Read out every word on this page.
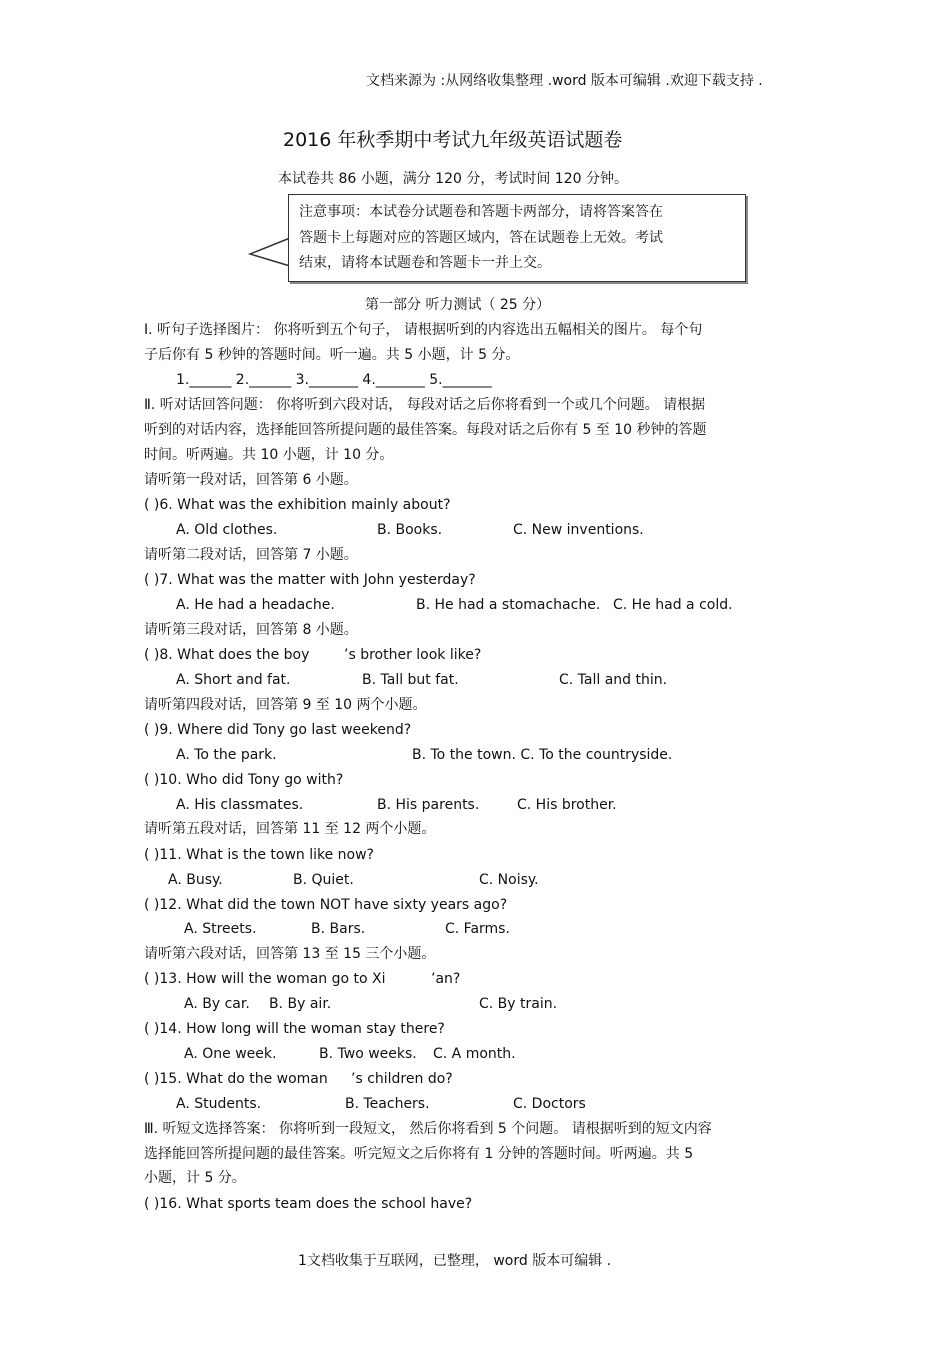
文档来源为 :从网络收集整理 .word 版本可编辑 .欢迎下载支持 .
2016 年秋季期中考试九年级英语试题卷
本试卷共 86 小题，满分 120 分，考试时间 120 分钟。
注意事项：本试卷分试题卷和答题卡两部分，请将答案答在
答题卡上每题对应的答题区域内，答在试题卷上无效。考试
结束，请将本试题卷和答题卡一并上交。
第一部分 听力测试（ 25 分）
Ⅰ. 听句子选择图片： 你将听到五个句子， 请根据听到的内容选出五幅相关的图片。 每个句
子后你有 5 秒钟的答题时间。听一遍。共 5 小题，计 5 分。
1.______ 2.______ 3._______ 4._______ 5._______
Ⅱ. 听对话回答问题： 你将听到六段对话， 每段对话之后你将看到一个或几个问题。 请根据
听到的对话内容，选择能回答所提问题的最佳答案。每段对话之后你有 5 至 10 秒钟的答题
时间。听两遍。共 10 小题，计 10 分。
请听第一段对话，回答第 6 小题。
( )6. What was the exhibition mainly about?
A. Old clothes.	B. Books.	C. New inventions.
请听第二段对话，回答第 7 小题。
( )7. What was the matter with John yesterday?
A. He had a headache.	B. He had a stomachache. C. He had a cold.
请听第三段对话，回答第 8 小题。
( )8. What does the boy ’s brother look like?
A. Short and fat.	B. Tall but fat.	C. Tall and thin.
请听第四段对话，回答第 9 至 10 两个小题。
( )9. Where did Tony go last weekend?
A. To the park.	B. To the town. C. To the countryside.
( )10. Who did Tony go with?
A. His classmates.	B. His parents.	C. His brother.
请听第五段对话，回答第 11 至 12 两个小题。
( )11. What is the town like now?
A. Busy.	B. Quiet.	C. Noisy.
( )12. What did the town NOT have sixty years ago?
A. Streets.	B. Bars.	C. Farms.
请听第六段对话，回答第 13 至 15 三个小题。
( )13. How will the woman go to Xi	’an?
A. By car. B. By air.	C. By train.
( )14. How long will the woman stay there?
A. One week.	B. Two weeks. C. A month.
( )15. What do the woman ’s children do?
A. Students.	B. Teachers.	C. Doctors
Ⅲ. 听短文选择答案： 你将听到一段短文， 然后你将看到 5 个问题。 请根据听到的短文内容
选择能回答所提问题的最佳答案。听完短文之后你将有 1 分钟的答题时间。听两遍。共 5
小题，计 5 分。
( )16. What sports team does the school have?
1文档收集于互联网，已整理， word 版本可编辑 .
